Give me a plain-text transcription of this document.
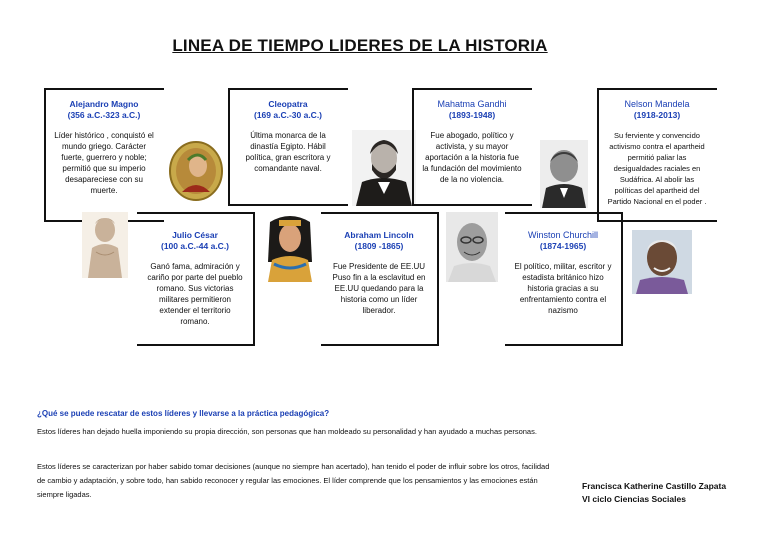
LINEA DE TIEMPO LIDERES DE LA HISTORIA
Alejandro Magno
(356 a.C.-323 a.C.)
Líder histórico , conquistó el mundo griego. Carácter fuerte, guerrero y noble; permitió que su imperio desapareciese con su muerte.
Julio César
(100 a.C.-44 a.C.)
Ganó fama, admiración y cariño por parte del pueblo romano. Sus victorias militares permitieron extender el territorio romano.
Cleopatra
(169 a.C.-30 a.C.)
Última monarca de la dinastía Egipto. Hábil política, gran escritora y comandante naval.
Abraham Lincoln
(1809 -1865)
Fue Presidente de EE.UU Puso fin a la esclavitud en EE.UU quedando para la historia como un líder liberador.
Mahatma Gandhi
(1893-1948)
Fue abogado, político y activista, y su mayor aportación a la historia fue la fundación del movimiento de la no violencia.
Winston Churchill
(1874-1965)
El político, militar, escritor y estadista británico hizo historia gracias a su enfrentamiento contra el nazismo
Nelson Mandela
(1918-2013)
Su ferviente y convencido activismo contra el apartheid permitió paliar las desigualdades raciales en Sudáfrica. Al abolir las políticas del apartheid del Partido Nacional en el poder .
¿Qué se puede rescatar de estos líderes y llevarse a la práctica pedagógica?
Estos líderes han dejado huella imponiendo su propia dirección, son personas que han moldeado su personalidad y han ayudado a muchas personas.
Estos líderes se caracterizan por haber sabido tomar decisiones (aunque no siempre han acertado), han tenido el poder de influir sobre los otros, facilidad de cambio y adaptación, y sobre todo, han sabido reconocer y regular las emociones. El líder comprende que los pensamientos y las emociones están siempre ligadas.
Francisca Katherine Castillo Zapata
VI ciclo Ciencias Sociales
